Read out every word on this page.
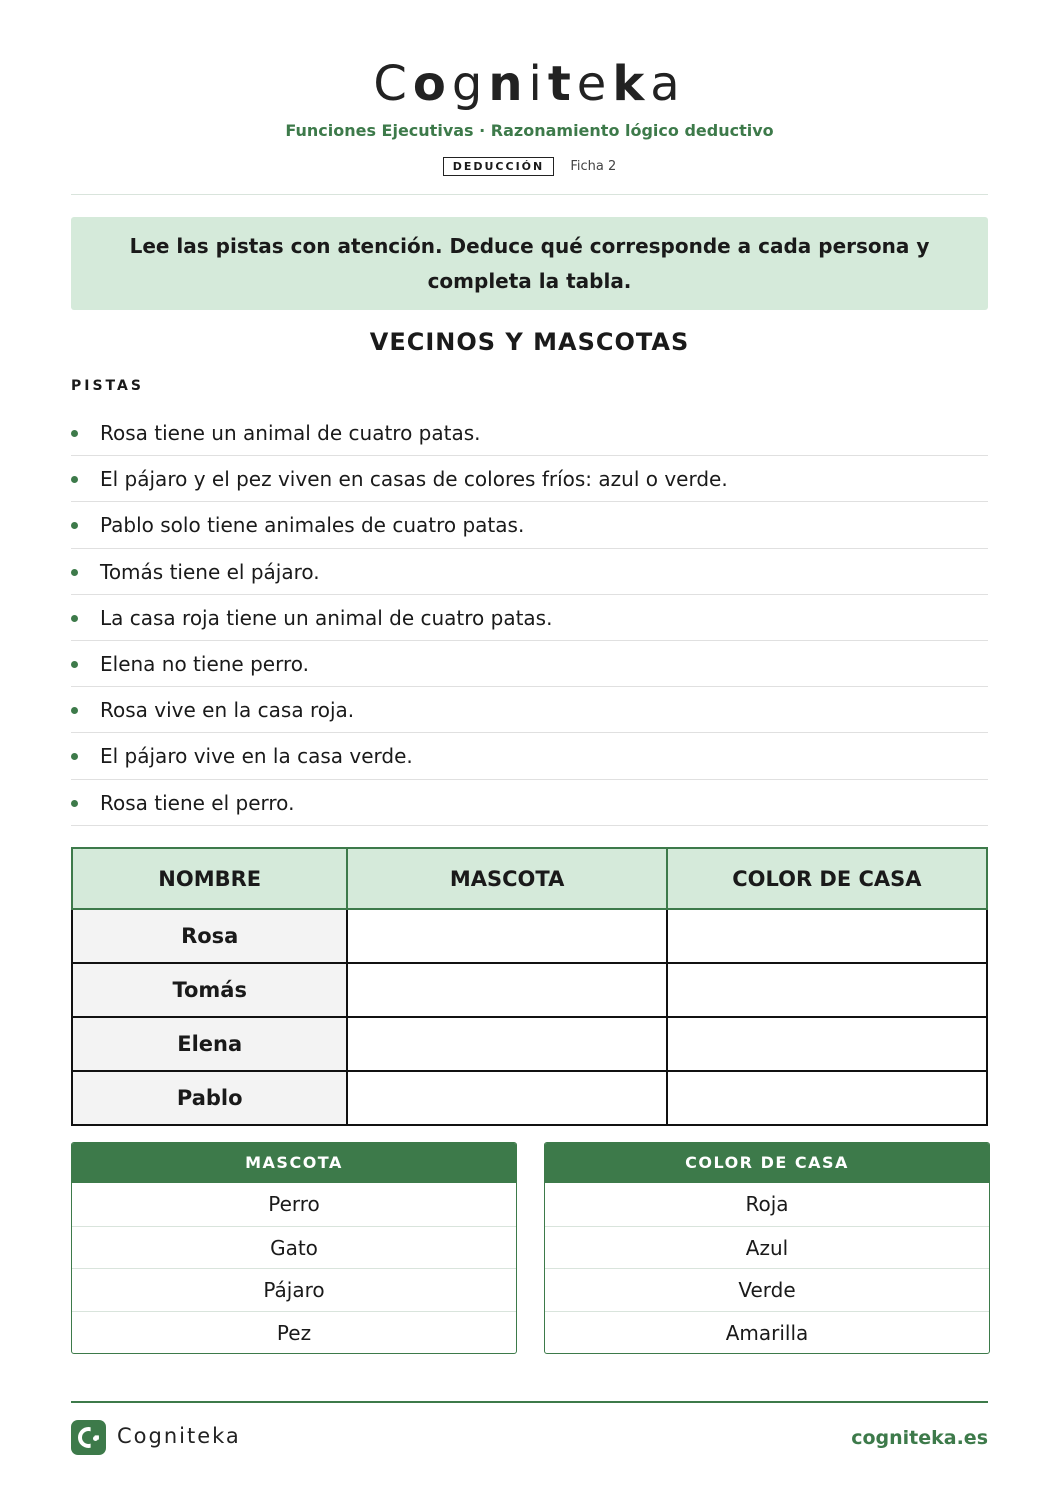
Cogniteka
Funciones Ejecutivas · Razonamiento lógico deductivo
DEDUCCIÓN Ficha 2
Lee las pistas con atención. Deduce qué corresponde a cada persona y
completa la tabla.
VECINOS Y MASCOTAS
PISTAS
Rosa tiene un animal de cuatro patas.
El pájaro y el pez viven en casas de colores fríos: azul o verde.
Pablo solo tiene animales de cuatro patas.
Tomás tiene el pájaro.
La casa roja tiene un animal de cuatro patas.
Elena no tiene perro.
Rosa vive en la casa roja.
El pájaro vive en la casa verde.
Rosa tiene el perro.
NOMBRE	MASCOTA	COLOR DE CASA
Rosa		
Tomás		
Elena		
Pablo		
MASCOTA
Perro
Gato
Pájaro
Pez
COLOR DE CASA
Roja
Azul
Verde
Amarilla
Cogniteka	cogniteka.es
